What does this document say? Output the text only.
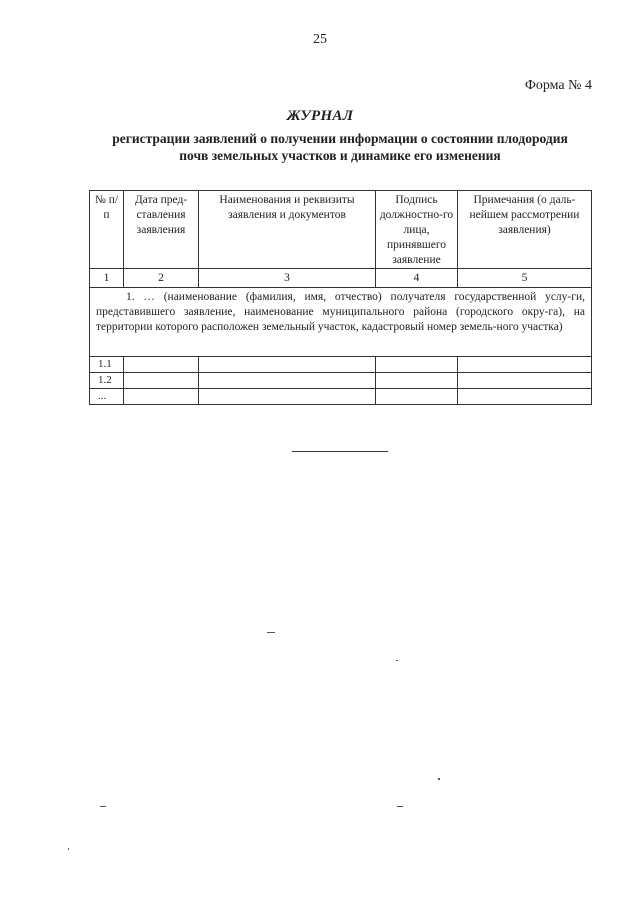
25
Форма № 4
ЖУРНАЛ
регистрации заявлений о получении информации о состоянии плодородия
почв земельных участков и динамике его изменения
№ п/п	Дата пред-ставления заявления	Наименования и реквизиты заявления и документов	Подпись должностно-го лица, принявшего заявление	Примечания (о даль-нейшем рассмотрении заявления)
1	2	3	4	5
1. … (наименование (фамилия, имя, отчество) получателя государственной услу-ги, представившего заявление, наименование муниципального района (городского окру-га), на территории которого расположен земельный участок, кадастровый номер земель-ного участка)				
1.1				
1.2				
...				
